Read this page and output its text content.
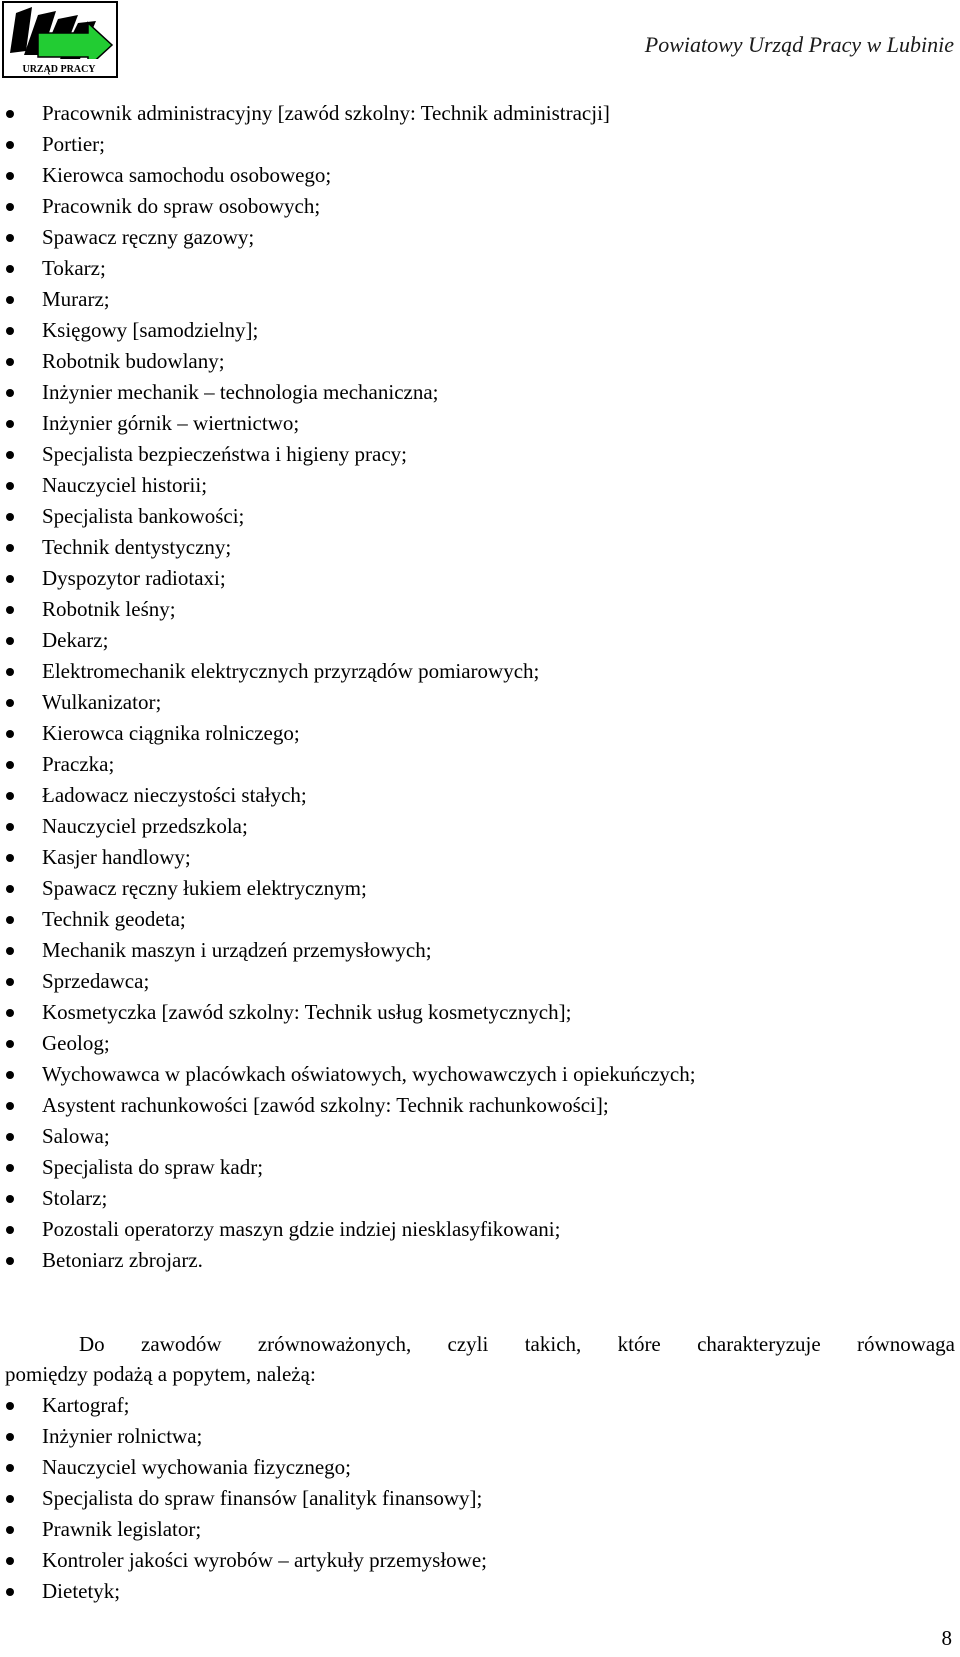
URZĄD PRACY
Powiatowy Urząd Pracy w Lubinie
Pracownik administracyjny [zawód szkolny: Technik administracji]
Portier;
Kierowca samochodu osobowego;
Pracownik do spraw osobowych;
Spawacz ręczny gazowy;
Tokarz;
Murarz;
Księgowy [samodzielny];
Robotnik budowlany;
Inżynier mechanik – technologia mechaniczna;
Inżynier górnik – wiertnictwo;
Specjalista bezpieczeństwa i higieny pracy;
Nauczyciel historii;
Specjalista bankowości;
Technik dentystyczny;
Dyspozytor radiotaxi;
Robotnik leśny;
Dekarz;
Elektromechanik elektrycznych przyrządów pomiarowych;
Wulkanizator;
Kierowca ciągnika rolniczego;
Praczka;
Ładowacz nieczystości stałych;
Nauczyciel przedszkola;
Kasjer handlowy;
Spawacz ręczny łukiem elektrycznym;
Technik geodeta;
Mechanik maszyn i urządzeń przemysłowych;
Sprzedawca;
Kosmetyczka [zawód szkolny: Technik usług kosmetycznych];
Geolog;
Wychowawca w placówkach oświatowych, wychowawczych i opiekuńczych;
Asystent rachunkowości [zawód szkolny: Technik rachunkowości];
Salowa;
Specjalista do spraw kadr;
Stolarz;
Pozostali operatorzy maszyn gdzie indziej niesklasyfikowani;
Betoniarz zbrojarz.

Do zawodów zrównoważonych, czyli takich, które charakteryzuje równowaga
pomiędzy podażą a popytem, należą:

Kartograf;
Inżynier rolnictwa;
Nauczyciel wychowania fizycznego;
Specjalista do spraw finansów [analityk finansowy];
Prawnik legislator;
Kontroler jakości wyrobów – artykuły przemysłowe;
Dietetyk;
8
